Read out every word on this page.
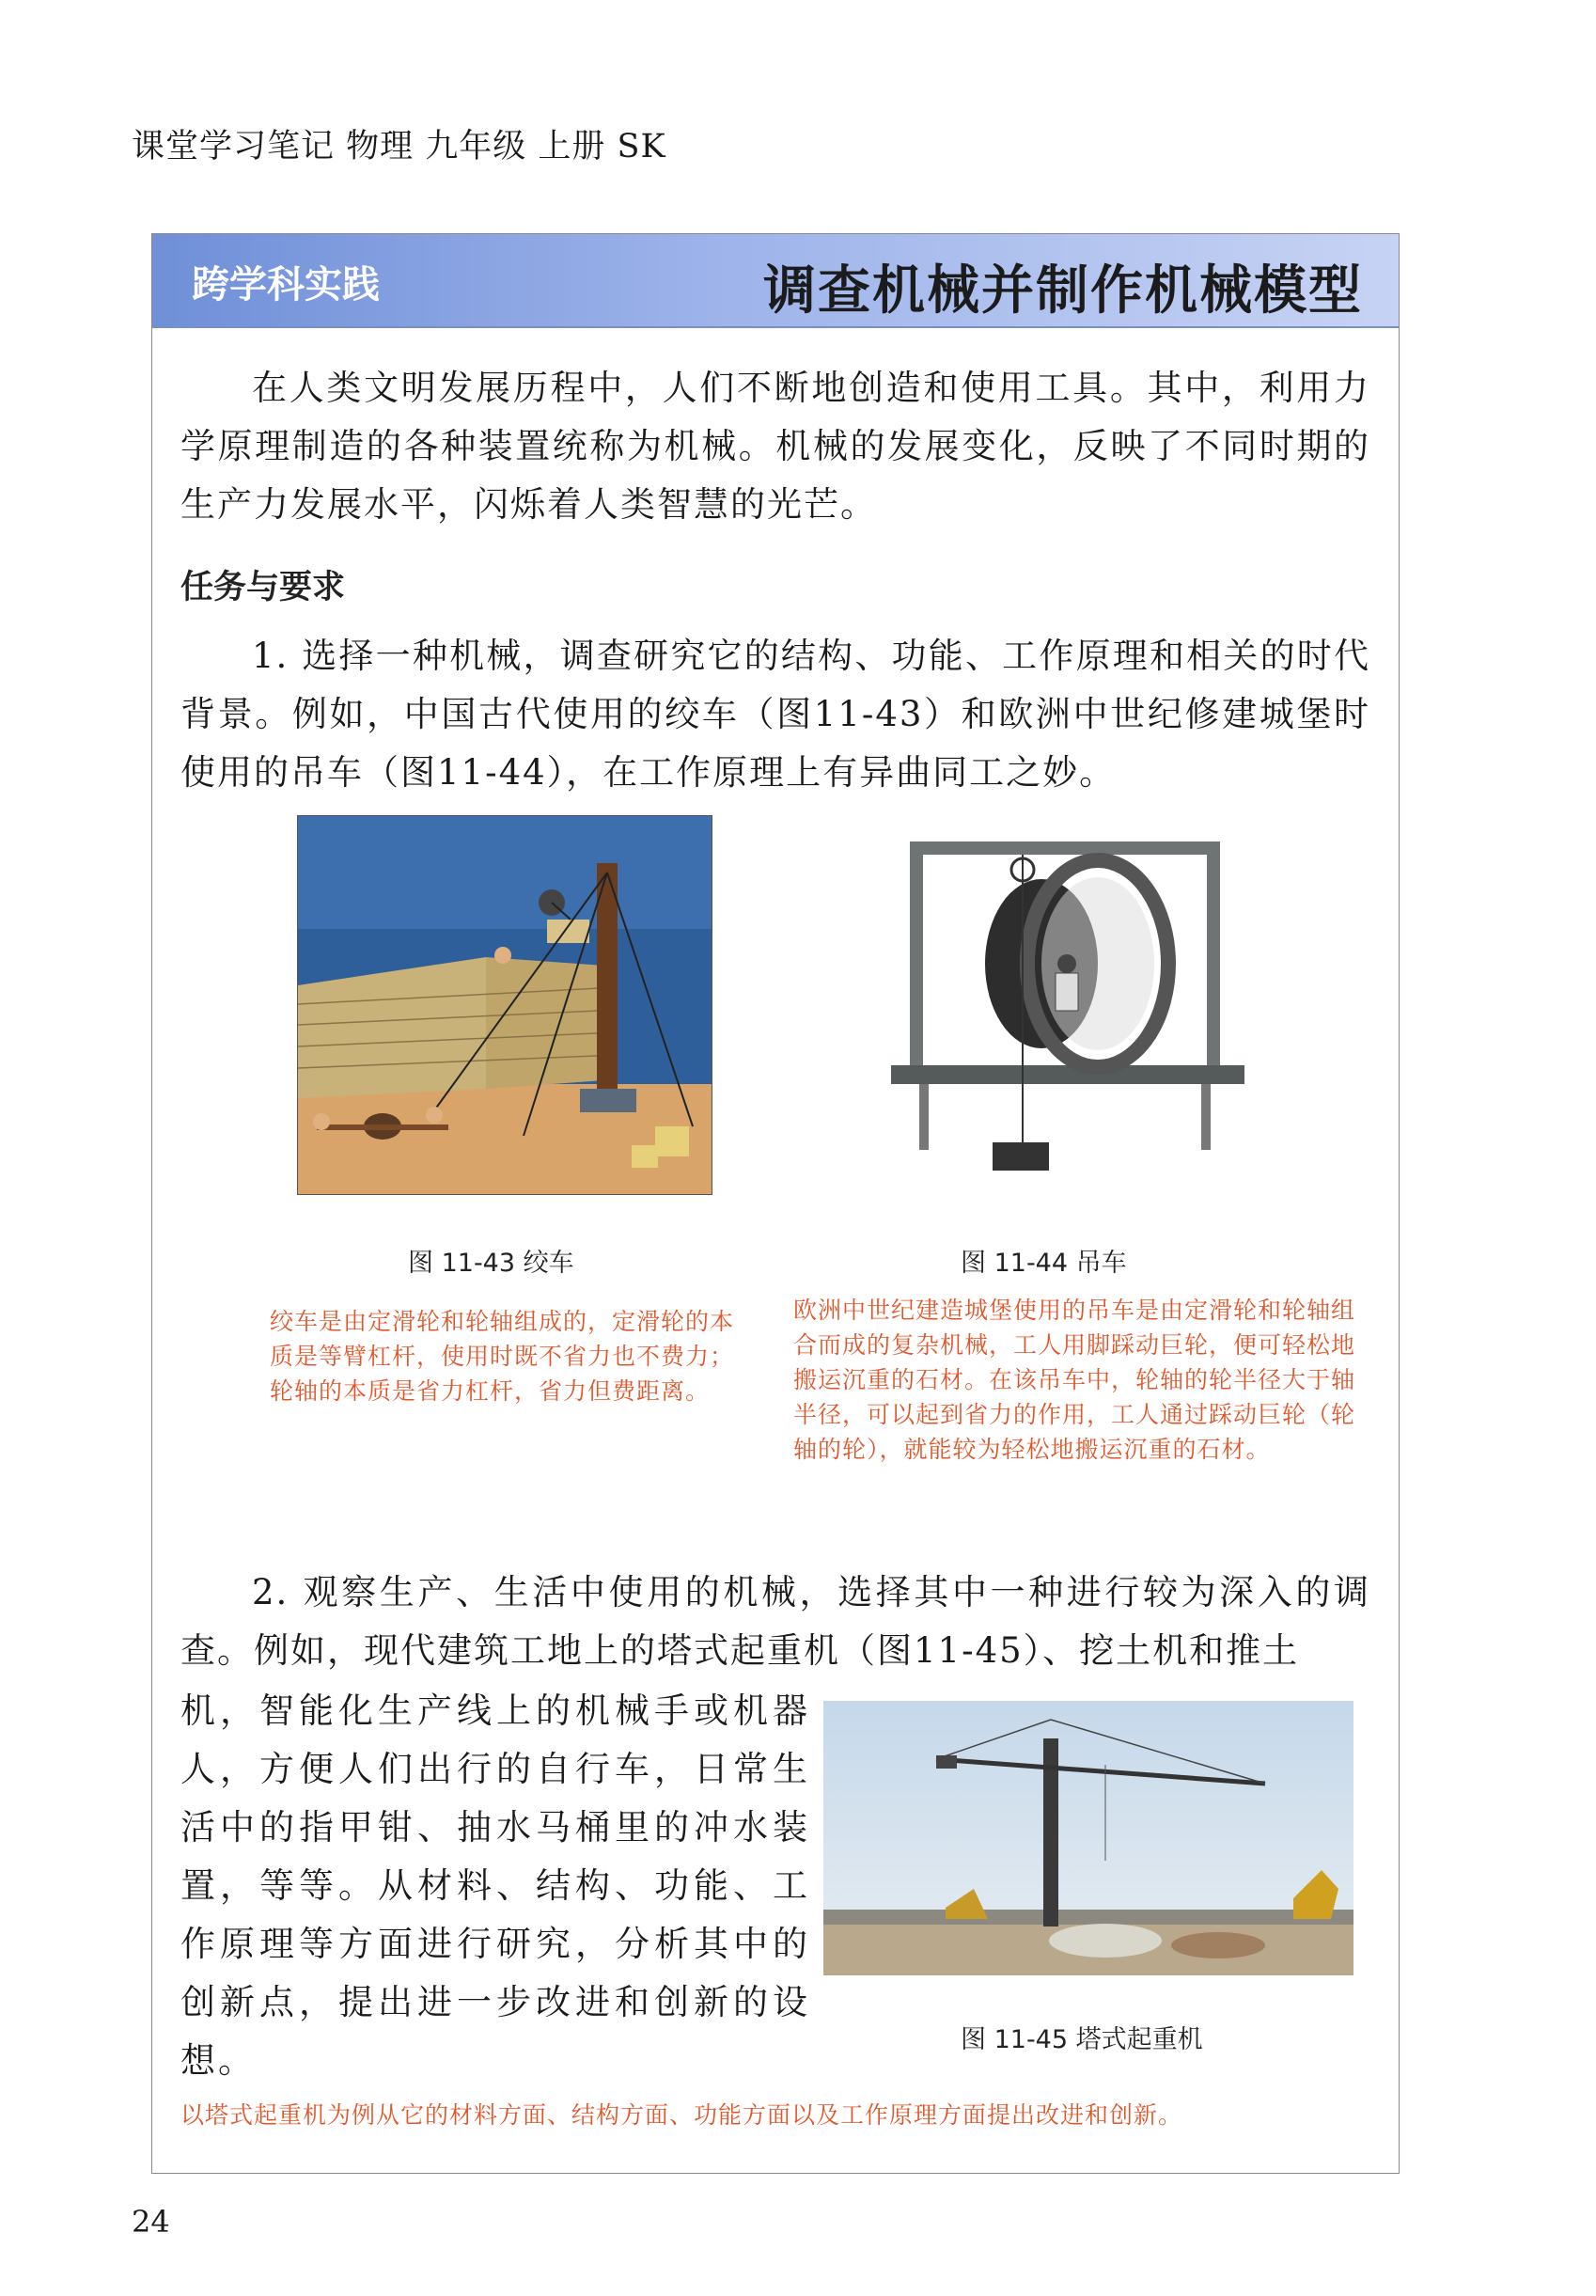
课堂学习笔记 物理 九年级 上册 SK
跨学科实践	调查机械并制作机械模型
在人类文明发展历程中，人们不断地创造和使用工具。其中，利用力学原理制造的各种装置统称为机械。机械的发展变化，反映了不同时期的生产力发展水平，闪烁着人类智慧的光芒。
任务与要求
1. 选择一种机械，调查研究它的结构、功能、工作原理和相关的时代背景。例如，中国古代使用的绞车（图11-43）和欧洲中世纪修建城堡时使用的吊车（图11-44），在工作原理上有异曲同工之妙。
图 11-43 绞车	图 11-44 吊车
绞车是由定滑轮和轮轴组成的，定滑轮的本质是等臂杠杆，使用时既不省力也不费力；轮轴的本质是省力杠杆，省力但费距离。
欧洲中世纪建造城堡使用的吊车是由定滑轮和轮轴组合而成的复杂机械，工人用脚踩动巨轮，便可轻松地搬运沉重的石材。在该吊车中，轮轴的轮半径大于轴半径，可以起到省力的作用，工人通过踩动巨轮（轮轴的轮），就能较为轻松地搬运沉重的石材。
2. 观察生产、生活中使用的机械，选择其中一种进行较为深入的调查。例如，现代建筑工地上的塔式起重机（图11-45）、挖土机和推土
机，智能化生产线上的机械手或机器人，方便人们出行的自行车，日常生活中的指甲钳、抽水马桶里的冲水装置，等等。从材料、结构、功能、工作原理等方面进行研究，分析其中的创新点，提出进一步改进和创新的设想。
图 11-45 塔式起重机
以塔式起重机为例从它的材料方面、结构方面、功能方面以及工作原理方面提出改进和创新。
24
